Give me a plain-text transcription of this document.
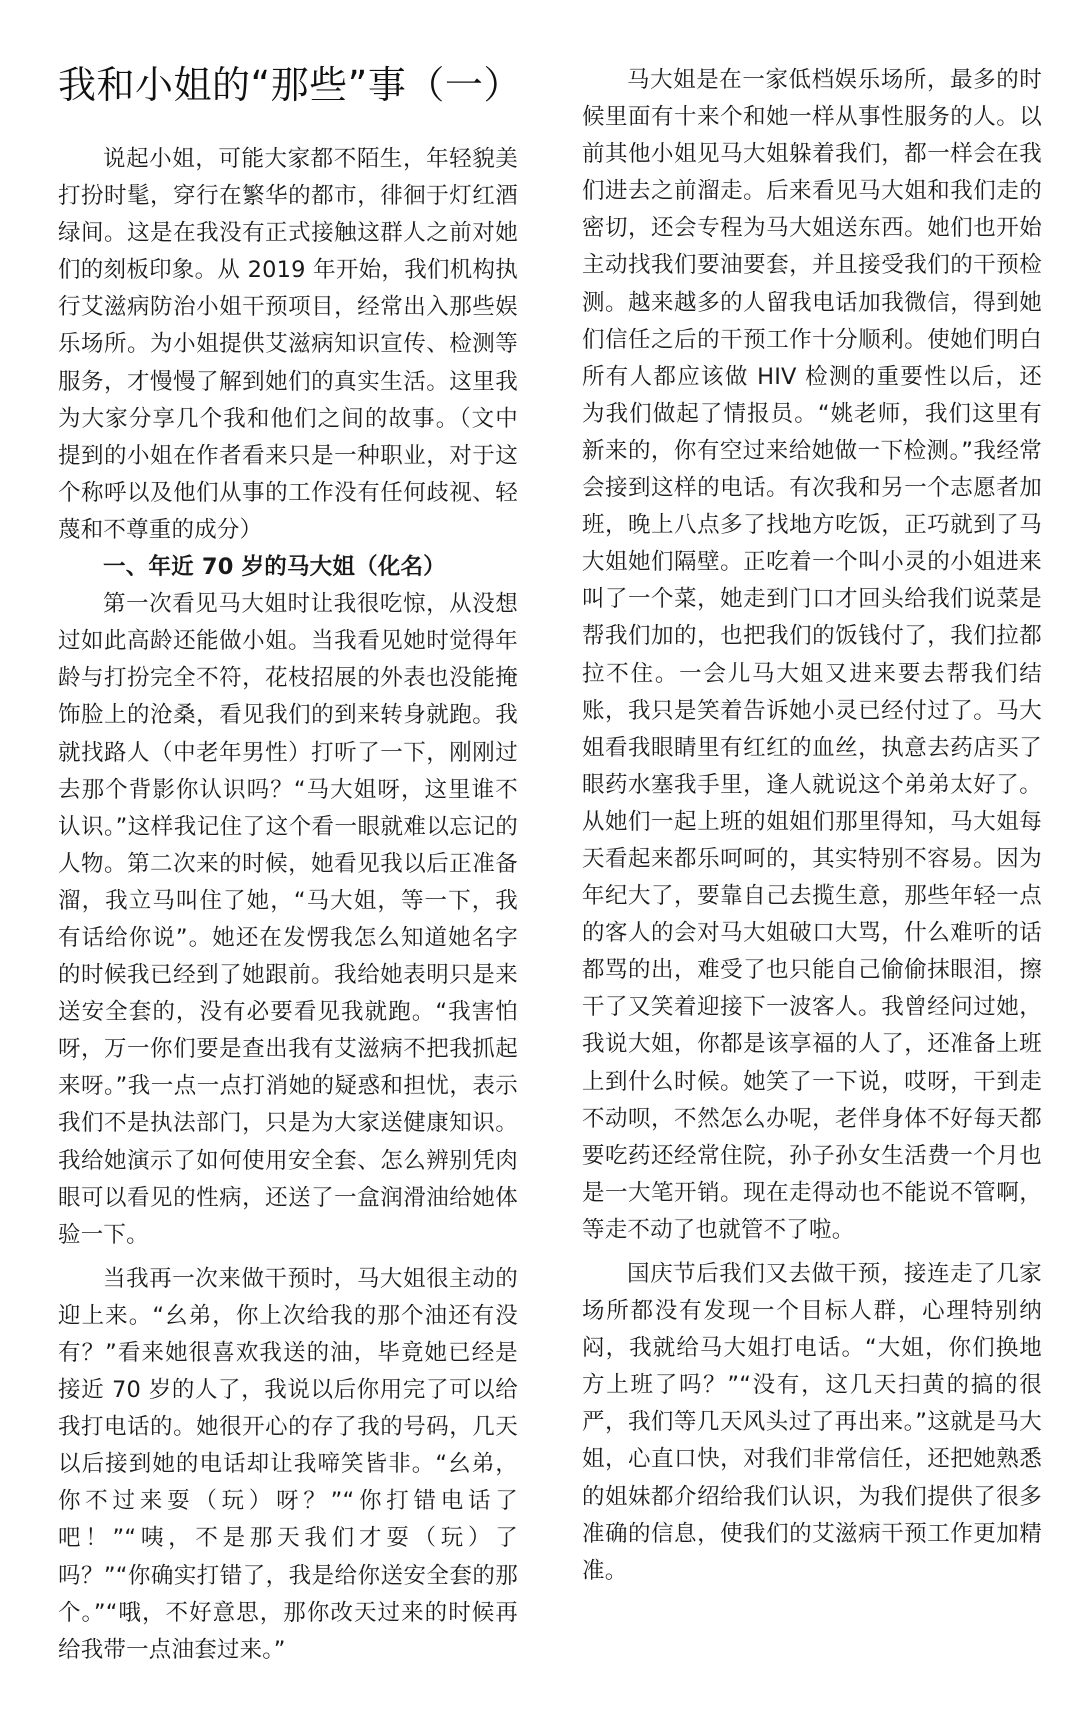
我和小姐的“那些”事（一）

说起小姐，可能大家都不陌生，年轻貌美打扮时髦，穿行在繁华的都市，徘徊于灯红酒绿间。这是在我没有正式接触这群人之前对她们的刻板印象。从 2019 年开始，我们机构执行艾滋病防治小姐干预项目，经常出入那些娱乐场所。为小姐提供艾滋病知识宣传、检测等服务，才慢慢了解到她们的真实生活。这里我为大家分享几个我和他们之间的故事。（文中提到的小姐在作者看来只是一种职业，对于这个称呼以及他们从事的工作没有任何歧视、轻蔑和不尊重的成分）

一、年近 70 岁的马大姐（化名）

第一次看见马大姐时让我很吃惊，从没想过如此高龄还能做小姐。当我看见她时觉得年龄与打扮完全不符，花枝招展的外表也没能掩饰脸上的沧桑，看见我们的到来转身就跑。我就找路人（中老年男性）打听了一下，刚刚过去那个背影你认识吗？“马大姐呀，这里谁不认识。”这样我记住了这个看一眼就难以忘记的人物。第二次来的时候，她看见我以后正准备溜，我立马叫住了她，“马大姐，等一下，我有话给你说”。她还在发愣我怎么知道她名字的时候我已经到了她跟前。我给她表明只是来送安全套的，没有必要看见我就跑。“我害怕呀，万一你们要是查出我有艾滋病不把我抓起来呀。”我一点一点打消她的疑惑和担忧，表示我们不是执法部门，只是为大家送健康知识。我给她演示了如何使用安全套、怎么辨别凭肉眼可以看见的性病，还送了一盒润滑油给她体验一下。

当我再一次来做干预时，马大姐很主动的迎上来。“幺弟，你上次给我的那个油还有没有？”看来她很喜欢我送的油，毕竟她已经是接近 70 岁的人了，我说以后你用完了可以给我打电话的。她很开心的存了我的号码，几天以后接到她的电话却让我啼笑皆非。“幺弟，你不过来耍（玩）呀？”“你打错电话了吧！”“咦，不是那天我们才耍（玩）了吗？”“你确实打错了，我是给你送安全套的那个。”“哦，不好意思，那你改天过来的时候再给我带一点油套过来。”

马大姐是在一家低档娱乐场所，最多的时候里面有十来个和她一样从事性服务的人。以前其他小姐见马大姐躲着我们，都一样会在我们进去之前溜走。后来看见马大姐和我们走的密切，还会专程为马大姐送东西。她们也开始主动找我们要油要套，并且接受我们的干预检测。越来越多的人留我电话加我微信，得到她们信任之后的干预工作十分顺利。使她们明白所有人都应该做 HIV 检测的重要性以后，还为我们做起了情报员。“姚老师，我们这里有新来的，你有空过来给她做一下检测。”我经常会接到这样的电话。有次我和另一个志愿者加班，晚上八点多了找地方吃饭，正巧就到了马大姐她们隔壁。正吃着一个叫小灵的小姐进来叫了一个菜，她走到门口才回头给我们说菜是帮我们加的，也把我们的饭钱付了，我们拉都拉不住。一会儿马大姐又进来要去帮我们结账，我只是笑着告诉她小灵已经付过了。马大姐看我眼睛里有红红的血丝，执意去药店买了眼药水塞我手里，逢人就说这个弟弟太好了。从她们一起上班的姐姐们那里得知，马大姐每天看起来都乐呵呵的，其实特别不容易。因为年纪大了，要靠自己去揽生意，那些年轻一点的客人的会对马大姐破口大骂，什么难听的话都骂的出，难受了也只能自己偷偷抹眼泪，擦干了又笑着迎接下一波客人。我曾经问过她，我说大姐，你都是该享福的人了，还准备上班上到什么时候。她笑了一下说，哎呀，干到走不动呗，不然怎么办呢，老伴身体不好每天都要吃药还经常住院，孙子孙女生活费一个月也是一大笔开销。现在走得动也不能说不管啊，等走不动了也就管不了啦。

国庆节后我们又去做干预，接连走了几家场所都没有发现一个目标人群，心理特别纳闷，我就给马大姐打电话。“大姐，你们换地方上班了吗？”“没有，这几天扫黄的搞的很严，我们等几天风头过了再出来。”这就是马大姐，心直口快，对我们非常信任，还把她熟悉的姐妹都介绍给我们认识，为我们提供了很多准确的信息，使我们的艾滋病干预工作更加精准。
